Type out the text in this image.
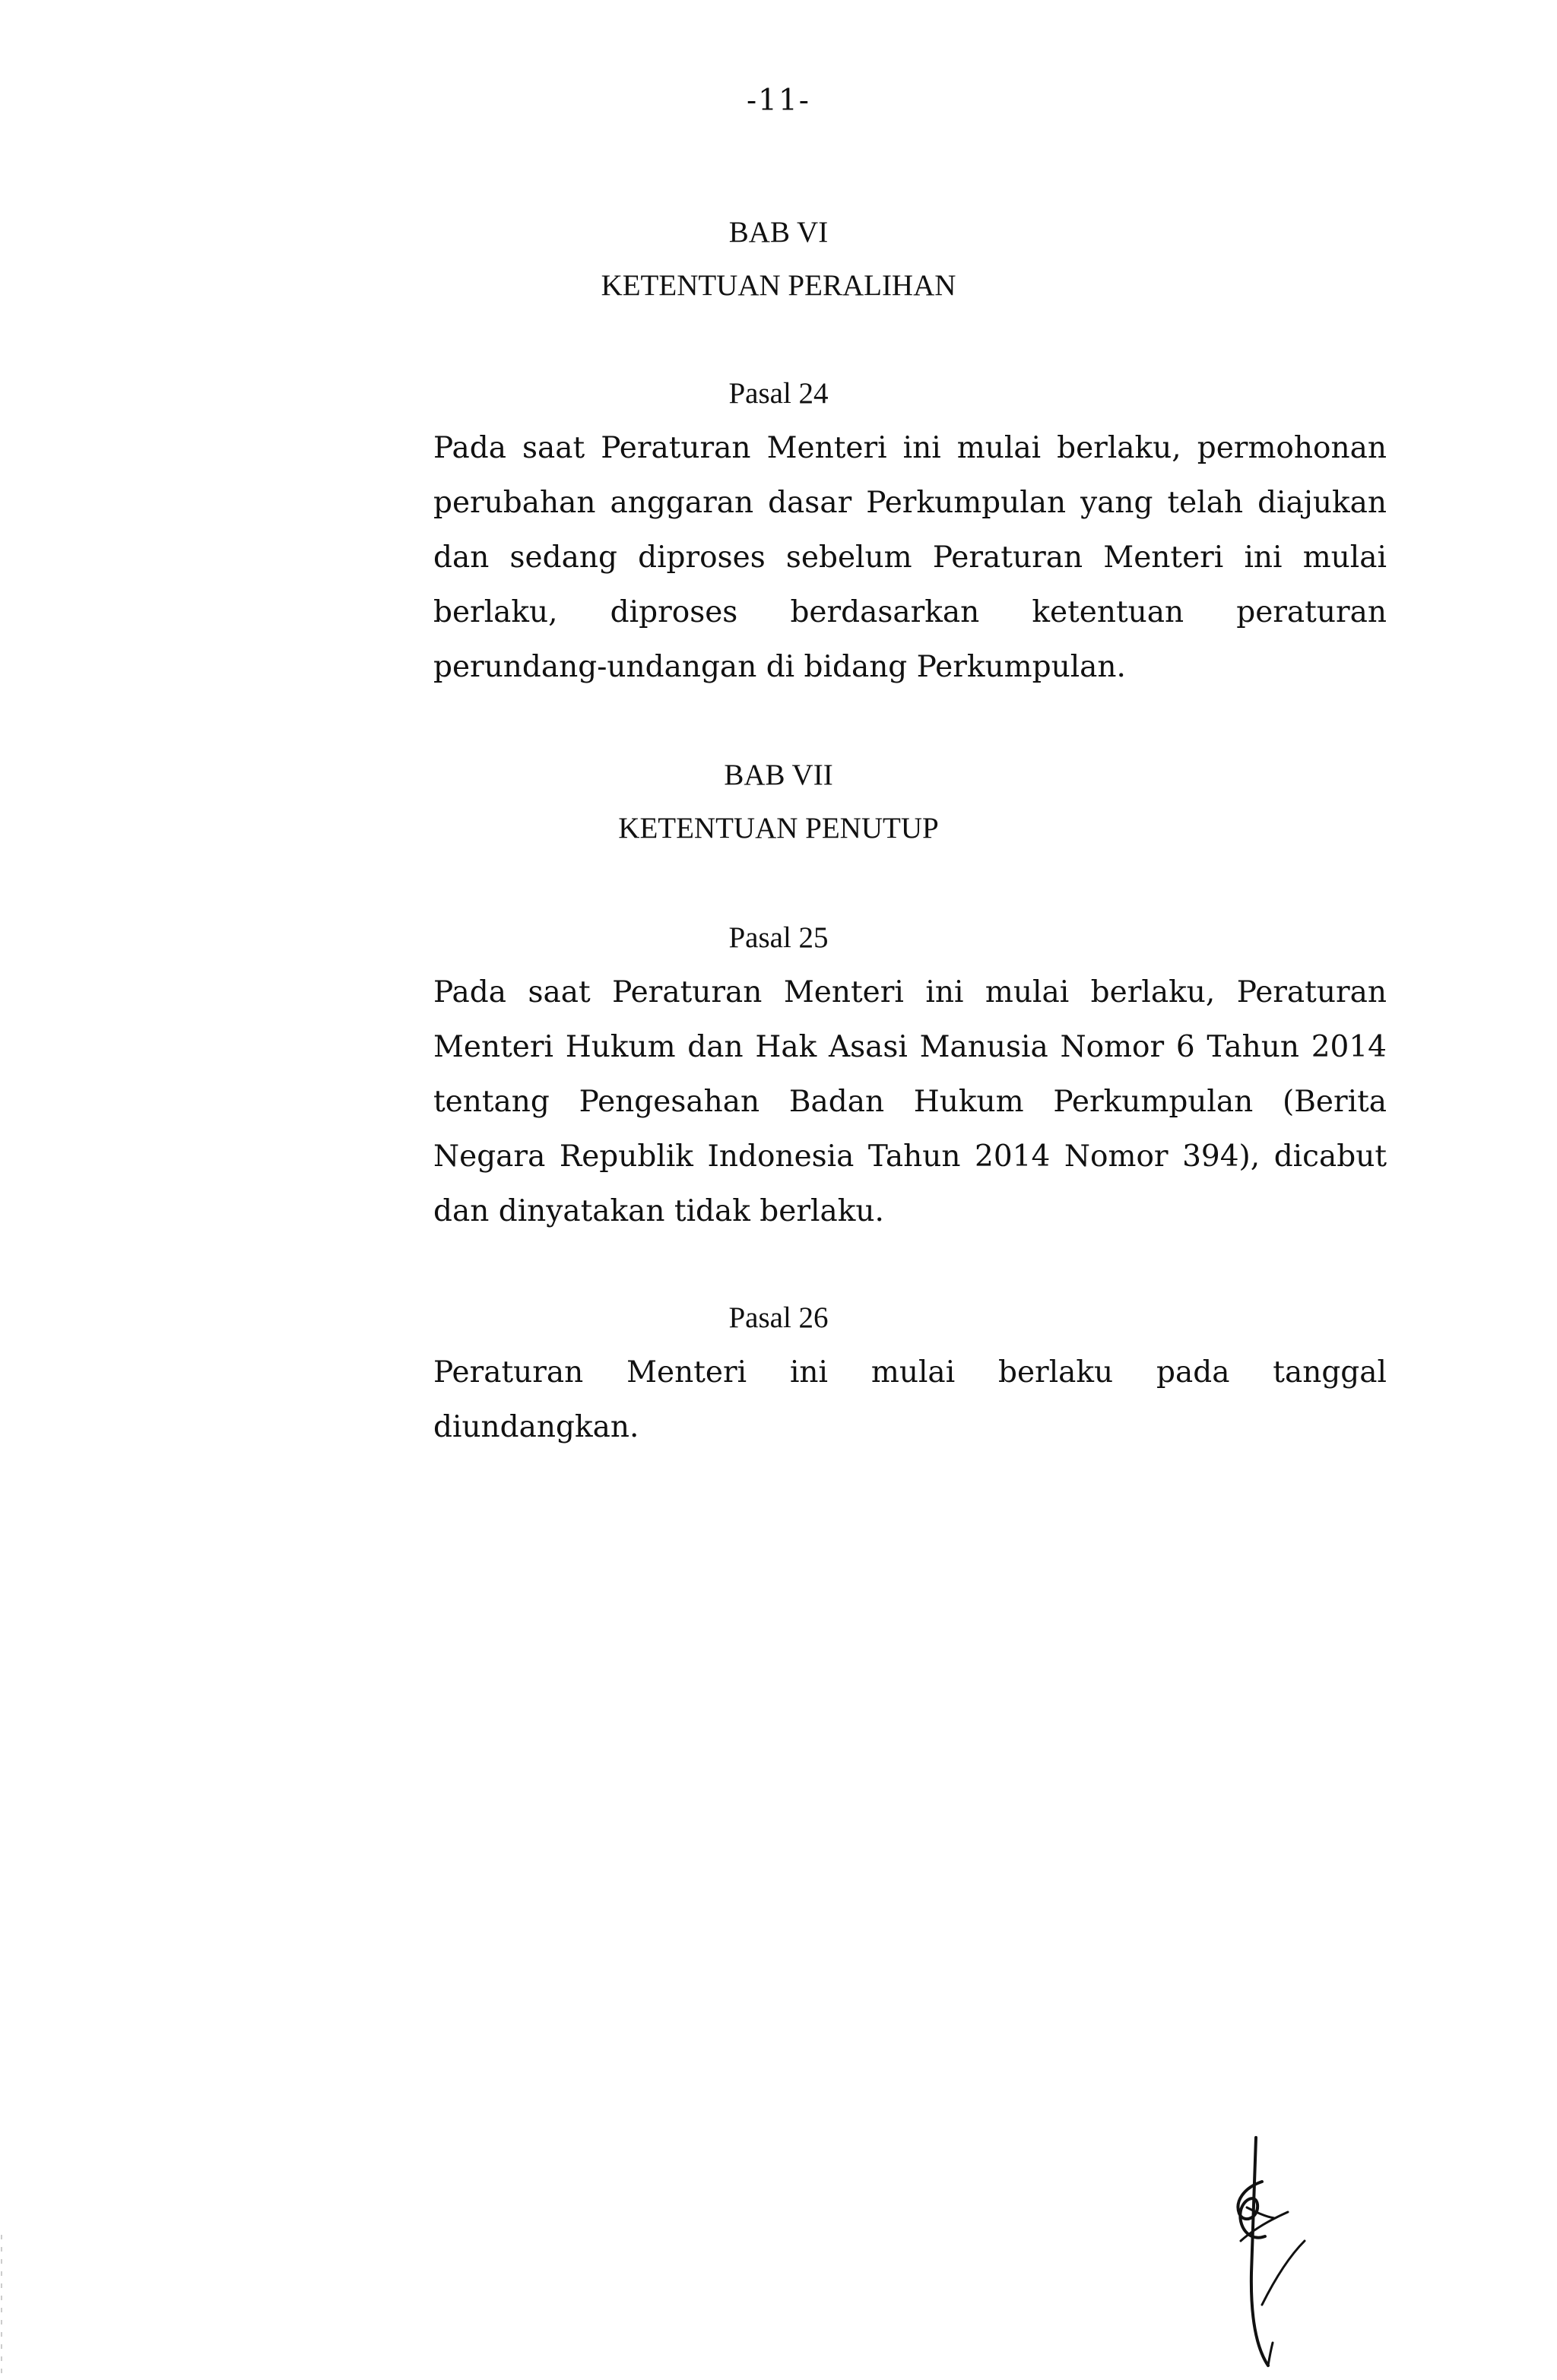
-11-
BAB VI
KETENTUAN PERALIHAN
Pasal 24
Pada saat Peraturan Menteri ini mulai berlaku, permohonan
perubahan anggaran dasar Perkumpulan yang telah diajukan
dan sedang diproses sebelum Peraturan Menteri ini mulai
berlaku, diproses berdasarkan ketentuan peraturan
perundang-undangan di bidang Perkumpulan.
BAB VII
KETENTUAN PENUTUP
Pasal 25
Pada saat Peraturan Menteri ini mulai berlaku, Peraturan
Menteri Hukum dan Hak Asasi Manusia Nomor 6 Tahun 2014
tentang Pengesahan Badan Hukum Perkumpulan (Berita
Negara Republik Indonesia Tahun 2014 Nomor 394), dicabut
dan dinyatakan tidak berlaku.
Pasal 26
Peraturan Menteri ini mulai berlaku pada tanggal
diundangkan.
